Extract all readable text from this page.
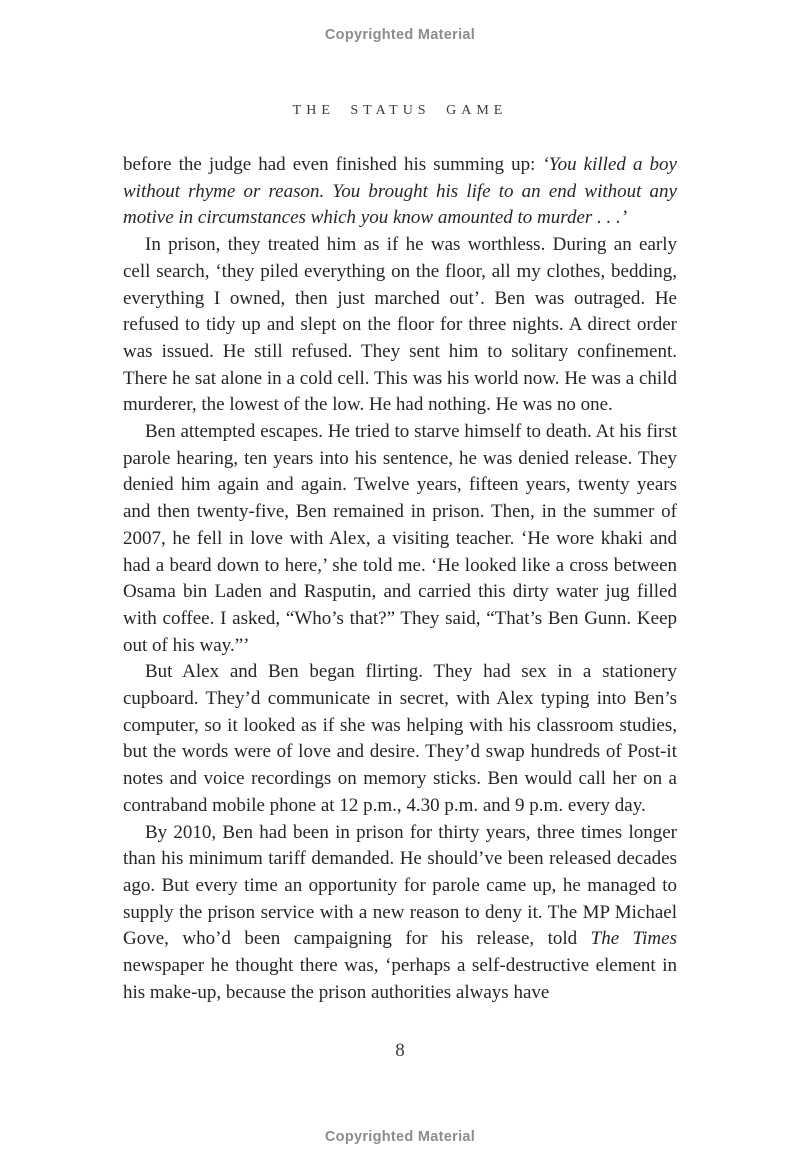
Copyrighted Material
THE STATUS GAME

before the judge had even finished his summing up: ‘You killed a boy without rhyme or reason. You brought his life to an end without any motive in circumstances which you know amounted to murder . . .’

In prison, they treated him as if he was worthless. During an early cell search, ‘they piled everything on the floor, all my clothes, bedding, everything I owned, then just marched out’. Ben was outraged. He refused to tidy up and slept on the floor for three nights. A direct order was issued. He still refused. They sent him to solitary confinement. There he sat alone in a cold cell. This was his world now. He was a child murderer, the lowest of the low. He had nothing. He was no one.

Ben attempted escapes. He tried to starve himself to death. At his first parole hearing, ten years into his sentence, he was denied release. They denied him again and again. Twelve years, fifteen years, twenty years and then twenty-five, Ben remained in prison. Then, in the summer of 2007, he fell in love with Alex, a visiting teacher. ‘He wore khaki and had a beard down to here,’ she told me. ‘He looked like a cross between Osama bin Laden and Rasputin, and carried this dirty water jug filled with coffee. I asked, “Who’s that?” They said, “That’s Ben Gunn. Keep out of his way.”’

But Alex and Ben began flirting. They had sex in a stationery cupboard. They’d communicate in secret, with Alex typing into Ben’s computer, so it looked as if she was helping with his classroom studies, but the words were of love and desire. They’d swap hundreds of Post-it notes and voice recordings on memory sticks. Ben would call her on a contraband mobile phone at 12 p.m., 4.30 p.m. and 9 p.m. every day.

By 2010, Ben had been in prison for thirty years, three times longer than his minimum tariff demanded. He should’ve been released decades ago. But every time an opportunity for parole came up, he managed to supply the prison service with a new reason to deny it. The MP Michael Gove, who’d been campaigning for his release, told The Times newspaper he thought there was, ‘perhaps a self-destructive element in his make-up, because the prison authorities always have

8
Copyrighted Material
